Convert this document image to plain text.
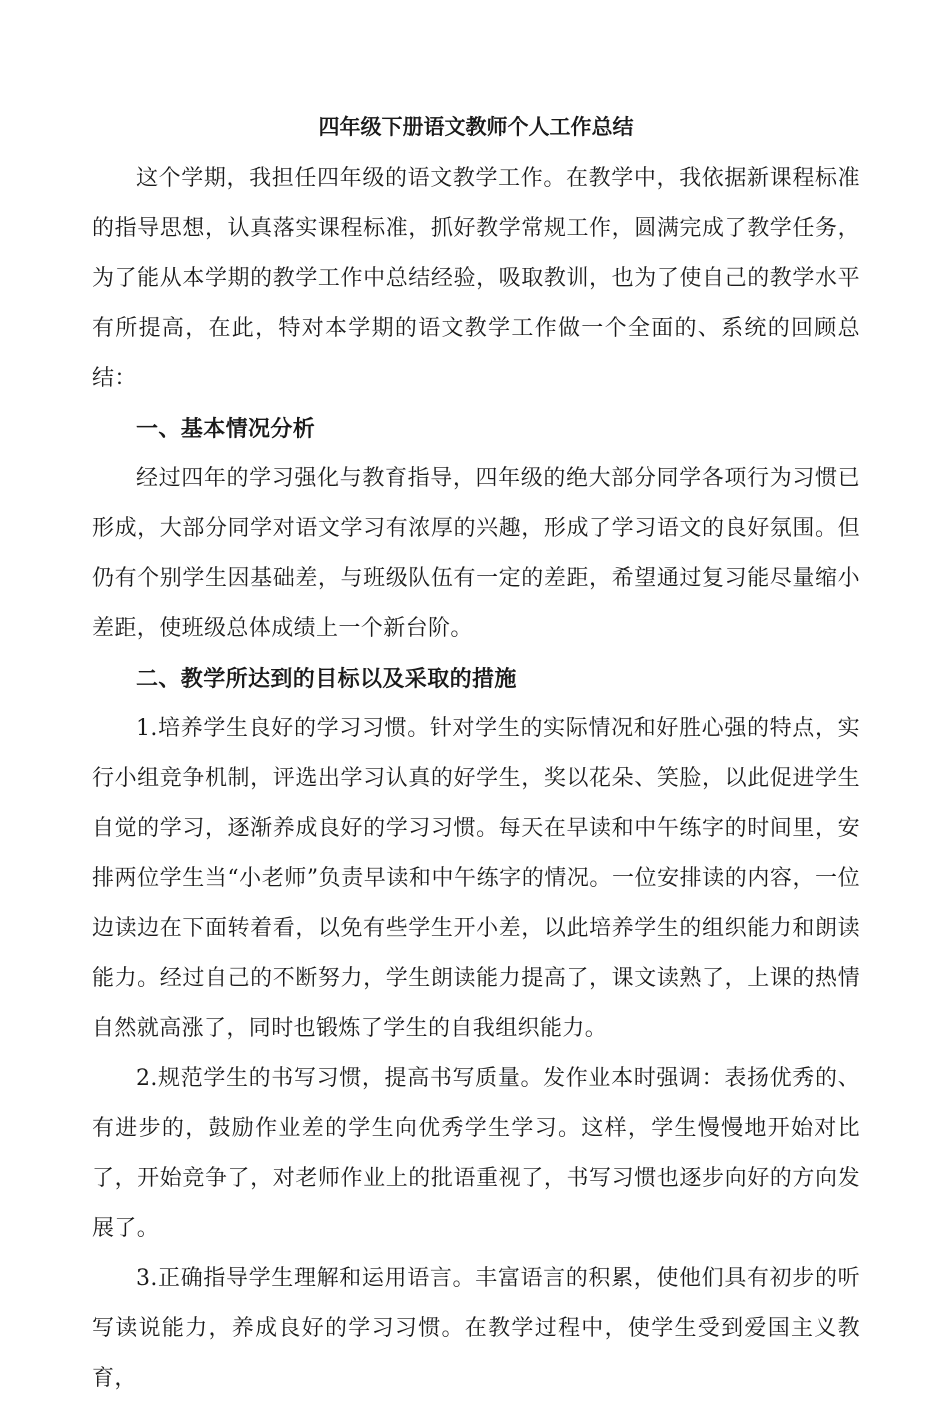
四年级下册语文教师个人工作总结

这个学期，我担任四年级的语文教学工作。在教学中，我依据新课程标准的指导思想，认真落实课程标准，抓好教学常规工作，圆满完成了教学任务，为了能从本学期的教学工作中总结经验，吸取教训，也为了使自己的教学水平有所提高，在此，特对本学期的语文教学工作做一个全面的、系统的回顾总结：

一、基本情况分析

经过四年的学习强化与教育指导，四年级的绝大部分同学各项行为习惯已形成，大部分同学对语文学习有浓厚的兴趣，形成了学习语文的良好氛围。但仍有个别学生因基础差，与班级队伍有一定的差距，希望通过复习能尽量缩小差距，使班级总体成绩上一个新台阶。

二、教学所达到的目标以及采取的措施

1.培养学生良好的学习习惯。针对学生的实际情况和好胜心强的特点，实行小组竞争机制，评选出学习认真的好学生，奖以花朵、笑脸，以此促进学生自觉的学习，逐渐养成良好的学习习惯。每天在早读和中午练字的时间里，安排两位学生当“小老师”负责早读和中午练字的情况。一位安排读的内容，一位边读边在下面转着看，以免有些学生开小差，以此培养学生的组织能力和朗读能力。经过自己的不断努力，学生朗读能力提高了，课文读熟了，上课的热情自然就高涨了，同时也锻炼了学生的自我组织能力。

2.规范学生的书写习惯，提高书写质量。发作业本时强调：表扬优秀的、有进步的，鼓励作业差的学生向优秀学生学习。这样，学生慢慢地开始对比了，开始竞争了，对老师作业上的批语重视了，书写习惯也逐步向好的方向发展了。

3.正确指导学生理解和运用语言。丰富语言的积累，使他们具有初步的听写读说能力，养成良好的学习习惯。在教学过程中，使学生受到爱国主义教育，
